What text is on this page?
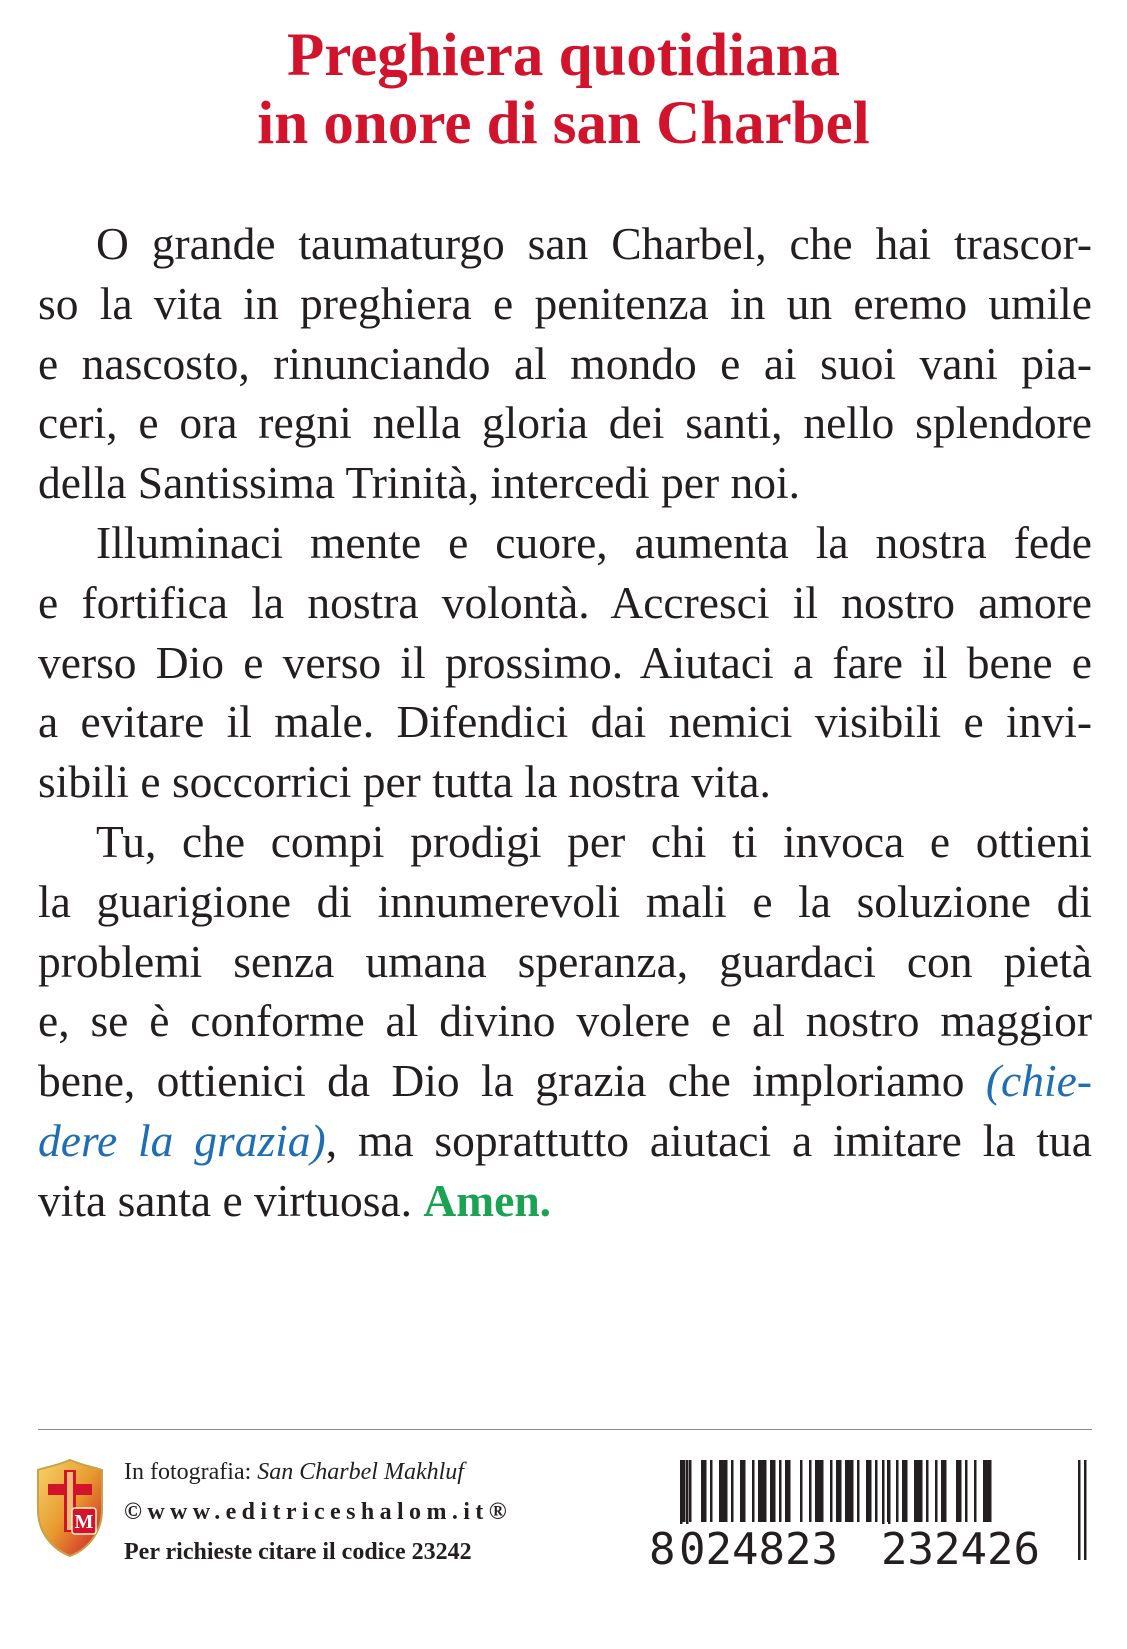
Preghiera quotidiana
in onore di san Charbel
O grande taumaturgo san Charbel, che hai trascor-
so la vita in preghiera e penitenza in un eremo umile
e nascosto, rinunciando al mondo e ai suoi vani pia-
ceri, e ora regni nella gloria dei santi, nello splendore
della Santissima Trinità, intercedi per noi.
Illuminaci mente e cuore, aumenta la nostra fede
e fortifica la nostra volontà. Accresci il nostro amore
verso Dio e verso il prossimo. Aiutaci a fare il bene e
a evitare il male. Difendici dai nemici visibili e invi-
sibili e soccorrici per tutta la nostra vita.
Tu, che compi prodigi per chi ti invoca e ottieni
la guarigione di innumerevoli mali e la soluzione di
problemi senza umana speranza, guardaci con pietà
e, se è conforme al divino volere e al nostro maggior
bene, ottienici da Dio la grazia che imploriamo (chie-
dere la grazia), ma soprattutto aiutaci a imitare la tua
vita santa e virtuosa. Amen.
M
In fotografia: San Charbel Makhluf
©www.editriceshalom.it®
Per richieste citare il codice 23242	8 024823 232426
